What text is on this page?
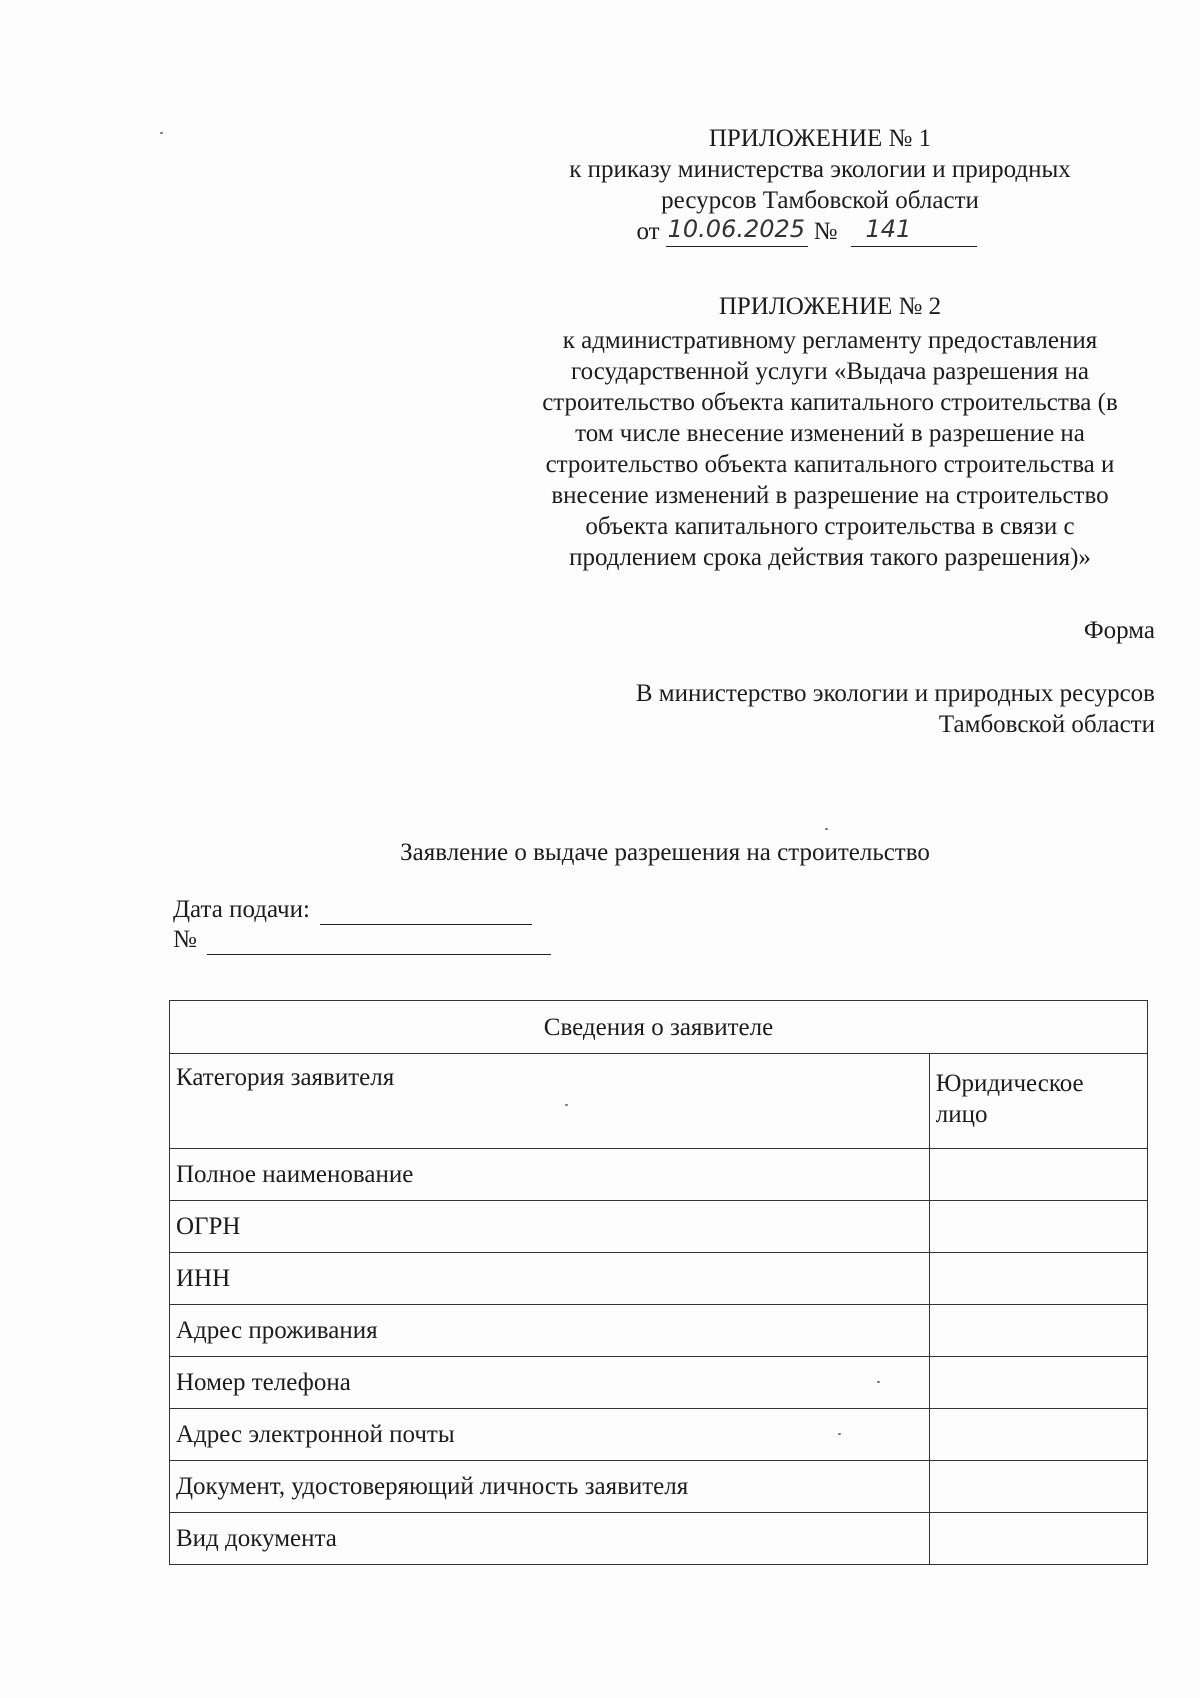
ПРИЛОЖЕНИЕ № 1
к приказу министерства экологии и природных
ресурсов Тамбовской области
от 10.06.2025 № 141
ПРИЛОЖЕНИЕ № 2
к административному регламенту предоставления
государственной услуги «Выдача разрешения на
строительство объекта капитального строительства (в
том числе внесение изменений в разрешение на
строительство объекта капитального строительства и
внесение изменений в разрешение на строительство
объекта капитального строительства в связи с
продлением срока действия такого разрешения)»
Форма
В министерство экологии и природных ресурсов
Тамбовской области
Заявление о выдаче разрешения на строительство
Дата подачи:
№
Сведения о заявителе	
Категория заявителя	Юридическое
лицо

Полное наименование	
ОГРН	
ИНН	
Адрес проживания	
Номер телефона	
Адрес электронной почты	
Документ, удостоверяющий личность заявителя	
Вид документа	
